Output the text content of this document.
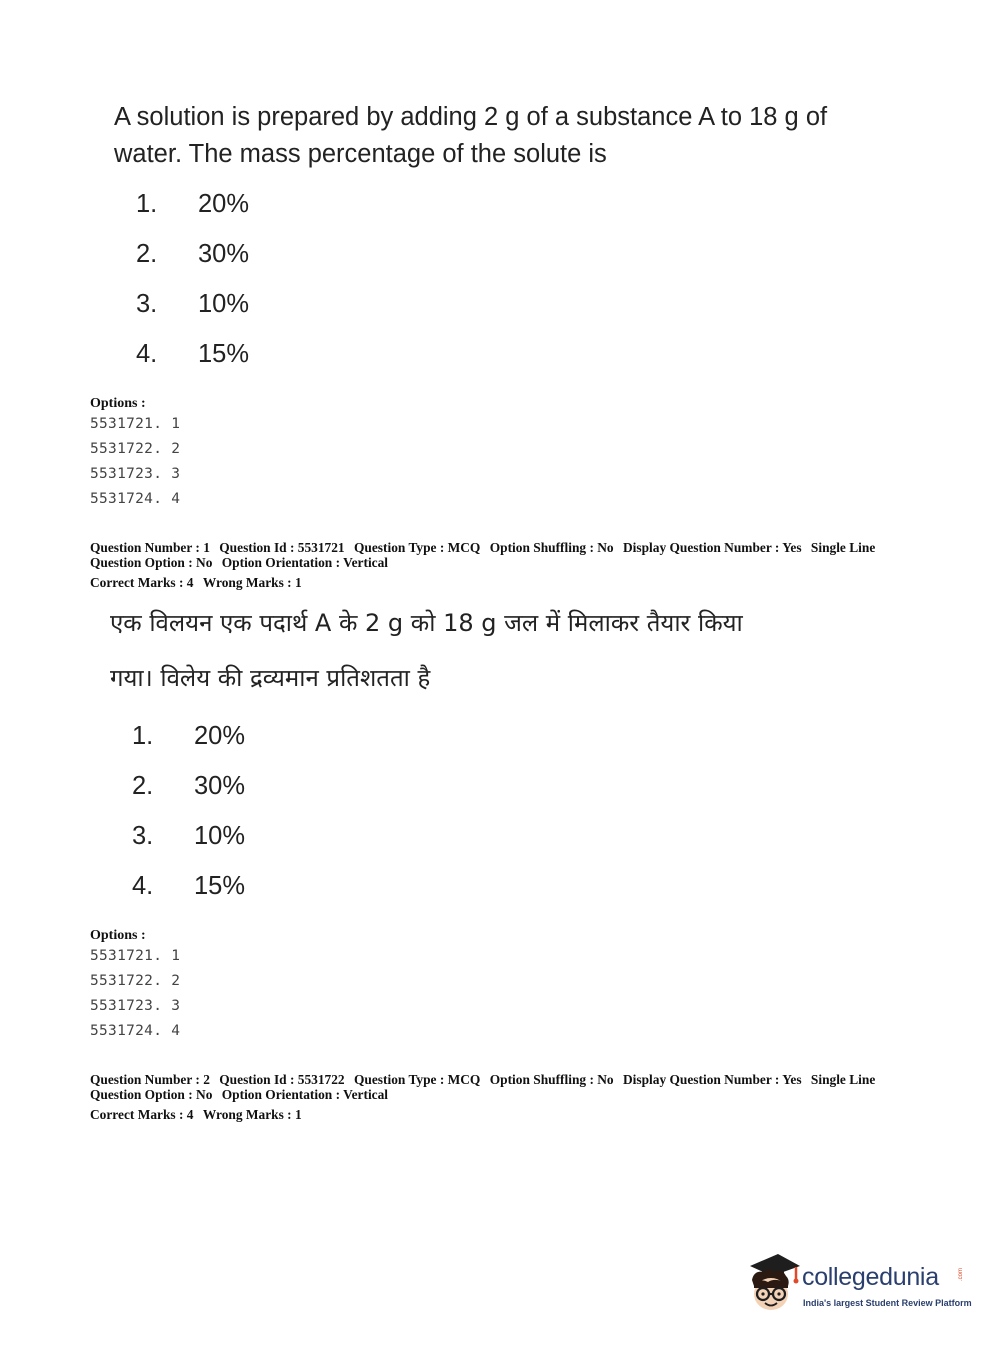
A solution is prepared by adding 2 g of a substance A to 18 g of water. The mass percentage of the solute is
1. 20%
2. 30%
3. 10%
4. 15%
Options :
5531721. 1
5531722. 2
5531723. 3
5531724. 4
Question Number : 1 Question Id : 5531721 Question Type : MCQ Option Shuffling : No Display Question Number : Yes Single Line Question Option : No Option Orientation : Vertical
Correct Marks : 4 Wrong Marks : 1
एक विलयन एक पदार्थ A के 2 g को 18 g जल में मिलाकर तैयार किया
गया। विलेय की द्रव्यमान प्रतिशतता है
1. 20%
2. 30%
3. 10%
4. 15%
Options :
5531721. 1
5531722. 2
5531723. 3
5531724. 4
Question Number : 2 Question Id : 5531722 Question Type : MCQ Option Shuffling : No Display Question Number : Yes Single Line Question Option : No Option Orientation : Vertical
Correct Marks : 4 Wrong Marks : 1
collegedunia	.com
India's largest Student Review Platform
